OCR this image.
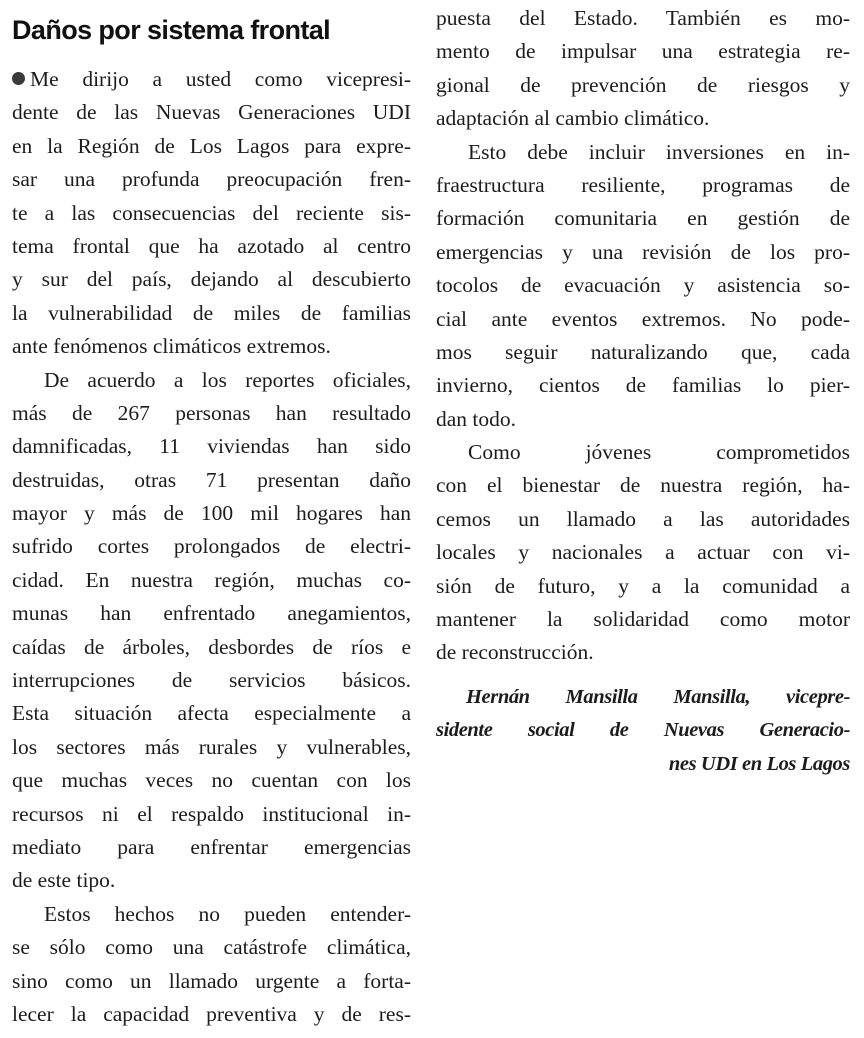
Daños por sistema frontal
Me dirijo a usted como vicepresi-
dente de las Nuevas Generaciones UDI
en la Región de Los Lagos para expre-
sar una profunda preocupación fren-
te a las consecuencias del reciente sis-
tema frontal que ha azotado al centro
y sur del país, dejando al descubierto
la vulnerabilidad de miles de familias
ante fenómenos climáticos extremos.
De acuerdo a los reportes oficiales,
más de 267 personas han resultado
damnificadas, 11 viviendas han sido
destruidas, otras 71 presentan daño
mayor y más de 100 mil hogares han
sufrido cortes prolongados de electri-
cidad. En nuestra región, muchas co-
munas han enfrentado anegamientos,
caídas de árboles, desbordes de ríos e
interrupciones de servicios básicos.
Esta situación afecta especialmente a
los sectores más rurales y vulnerables,
que muchas veces no cuentan con los
recursos ni el respaldo institucional in-
mediato para enfrentar emergencias
de este tipo.
Estos hechos no pueden entender-
se sólo como una catástrofe climática,
sino como un llamado urgente a forta-
lecer la capacidad preventiva y de res-
puesta del Estado. También es mo-
mento de impulsar una estrategia re-
gional de prevención de riesgos y
adaptación al cambio climático.
Esto debe incluir inversiones en in-
fraestructura resiliente, programas de
formación comunitaria en gestión de
emergencias y una revisión de los pro-
tocolos de evacuación y asistencia so-
cial ante eventos extremos. No pode-
mos seguir naturalizando que, cada
invierno, cientos de familias lo pier-
dan todo.
Como jóvenes comprometidos
con el bienestar de nuestra región, ha-
cemos un llamado a las autoridades
locales y nacionales a actuar con vi-
sión de futuro, y a la comunidad a
mantener la solidaridad como motor
de reconstrucción.
Hernán Mansilla Mansilla, vicepre-
sidente social de Nuevas Generacio-
nes UDI en Los Lagos
